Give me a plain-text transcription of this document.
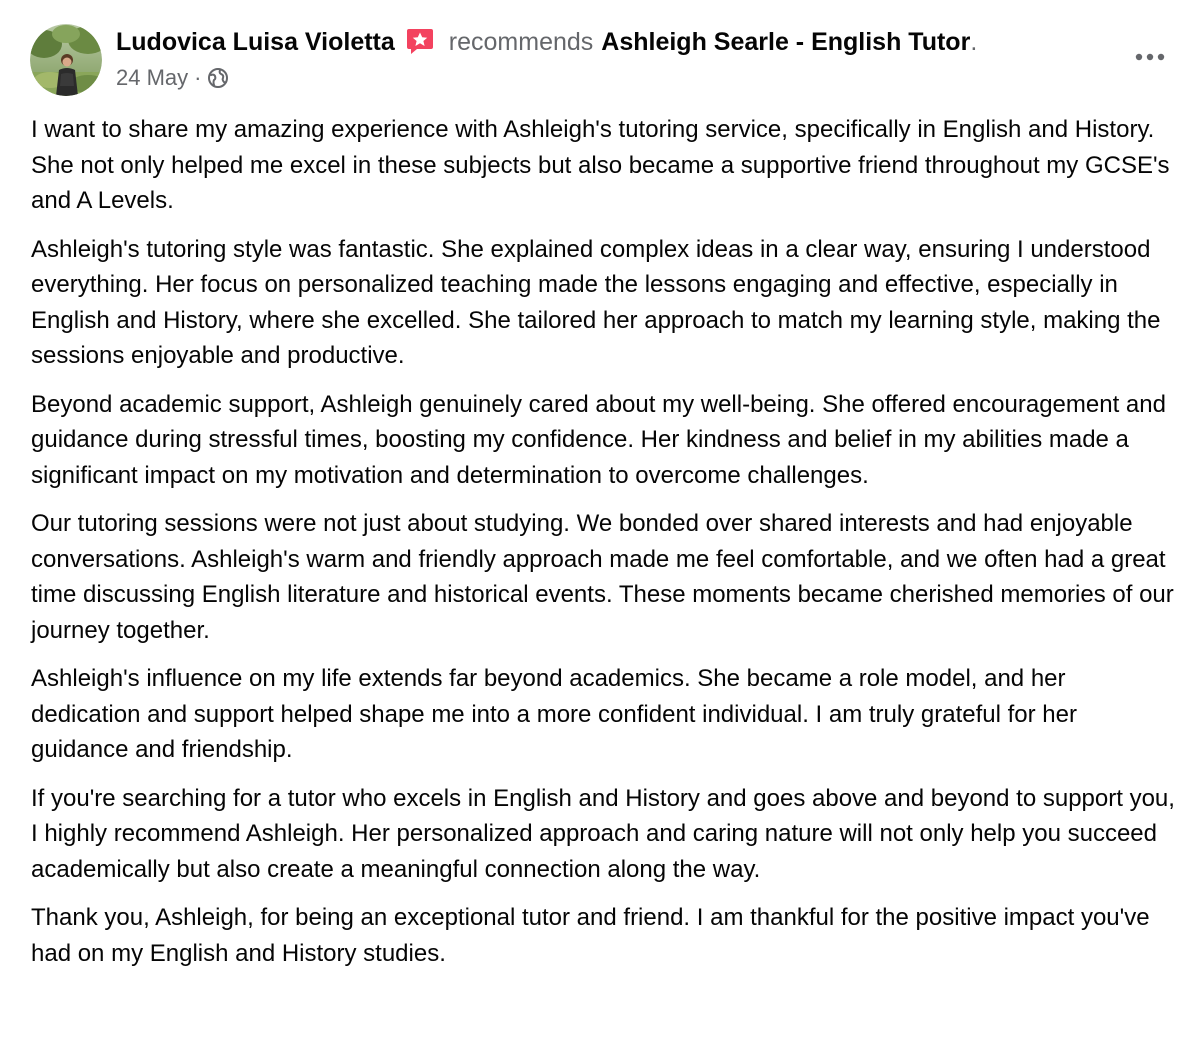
Ludovica Luisa Violetta recommends Ashleigh Searle - English Tutor .
24 May ·

I want to share my amazing experience with Ashleigh's tutoring service, specifically in English and History. She not only helped me excel in these subjects but also became a supportive friend throughout my GCSE's and A Levels.

Ashleigh's tutoring style was fantastic. She explained complex ideas in a clear way, ensuring I understood everything. Her focus on personalized teaching made the lessons engaging and effective, especially in English and History, where she excelled. She tailored her approach to match my learning style, making the sessions enjoyable and productive.

Beyond academic support, Ashleigh genuinely cared about my well-being. She offered encouragement and guidance during stressful times, boosting my confidence. Her kindness and belief in my abilities made a significant impact on my motivation and determination to overcome challenges.

Our tutoring sessions were not just about studying. We bonded over shared interests and had enjoyable conversations. Ashleigh's warm and friendly approach made me feel comfortable, and we often had a great time discussing English literature and historical events. These moments became cherished memories of our journey together.

Ashleigh's influence on my life extends far beyond academics. She became a role model, and her dedication and support helped shape me into a more confident individual. I am truly grateful for her guidance and friendship.

If you're searching for a tutor who excels in English and History and goes above and beyond to support you, I highly recommend Ashleigh. Her personalized approach and caring nature will not only help you succeed academically but also create a meaningful connection along the way.

Thank you, Ashleigh, for being an exceptional tutor and friend. I am thankful for the positive impact you've had on my English and History studies.
